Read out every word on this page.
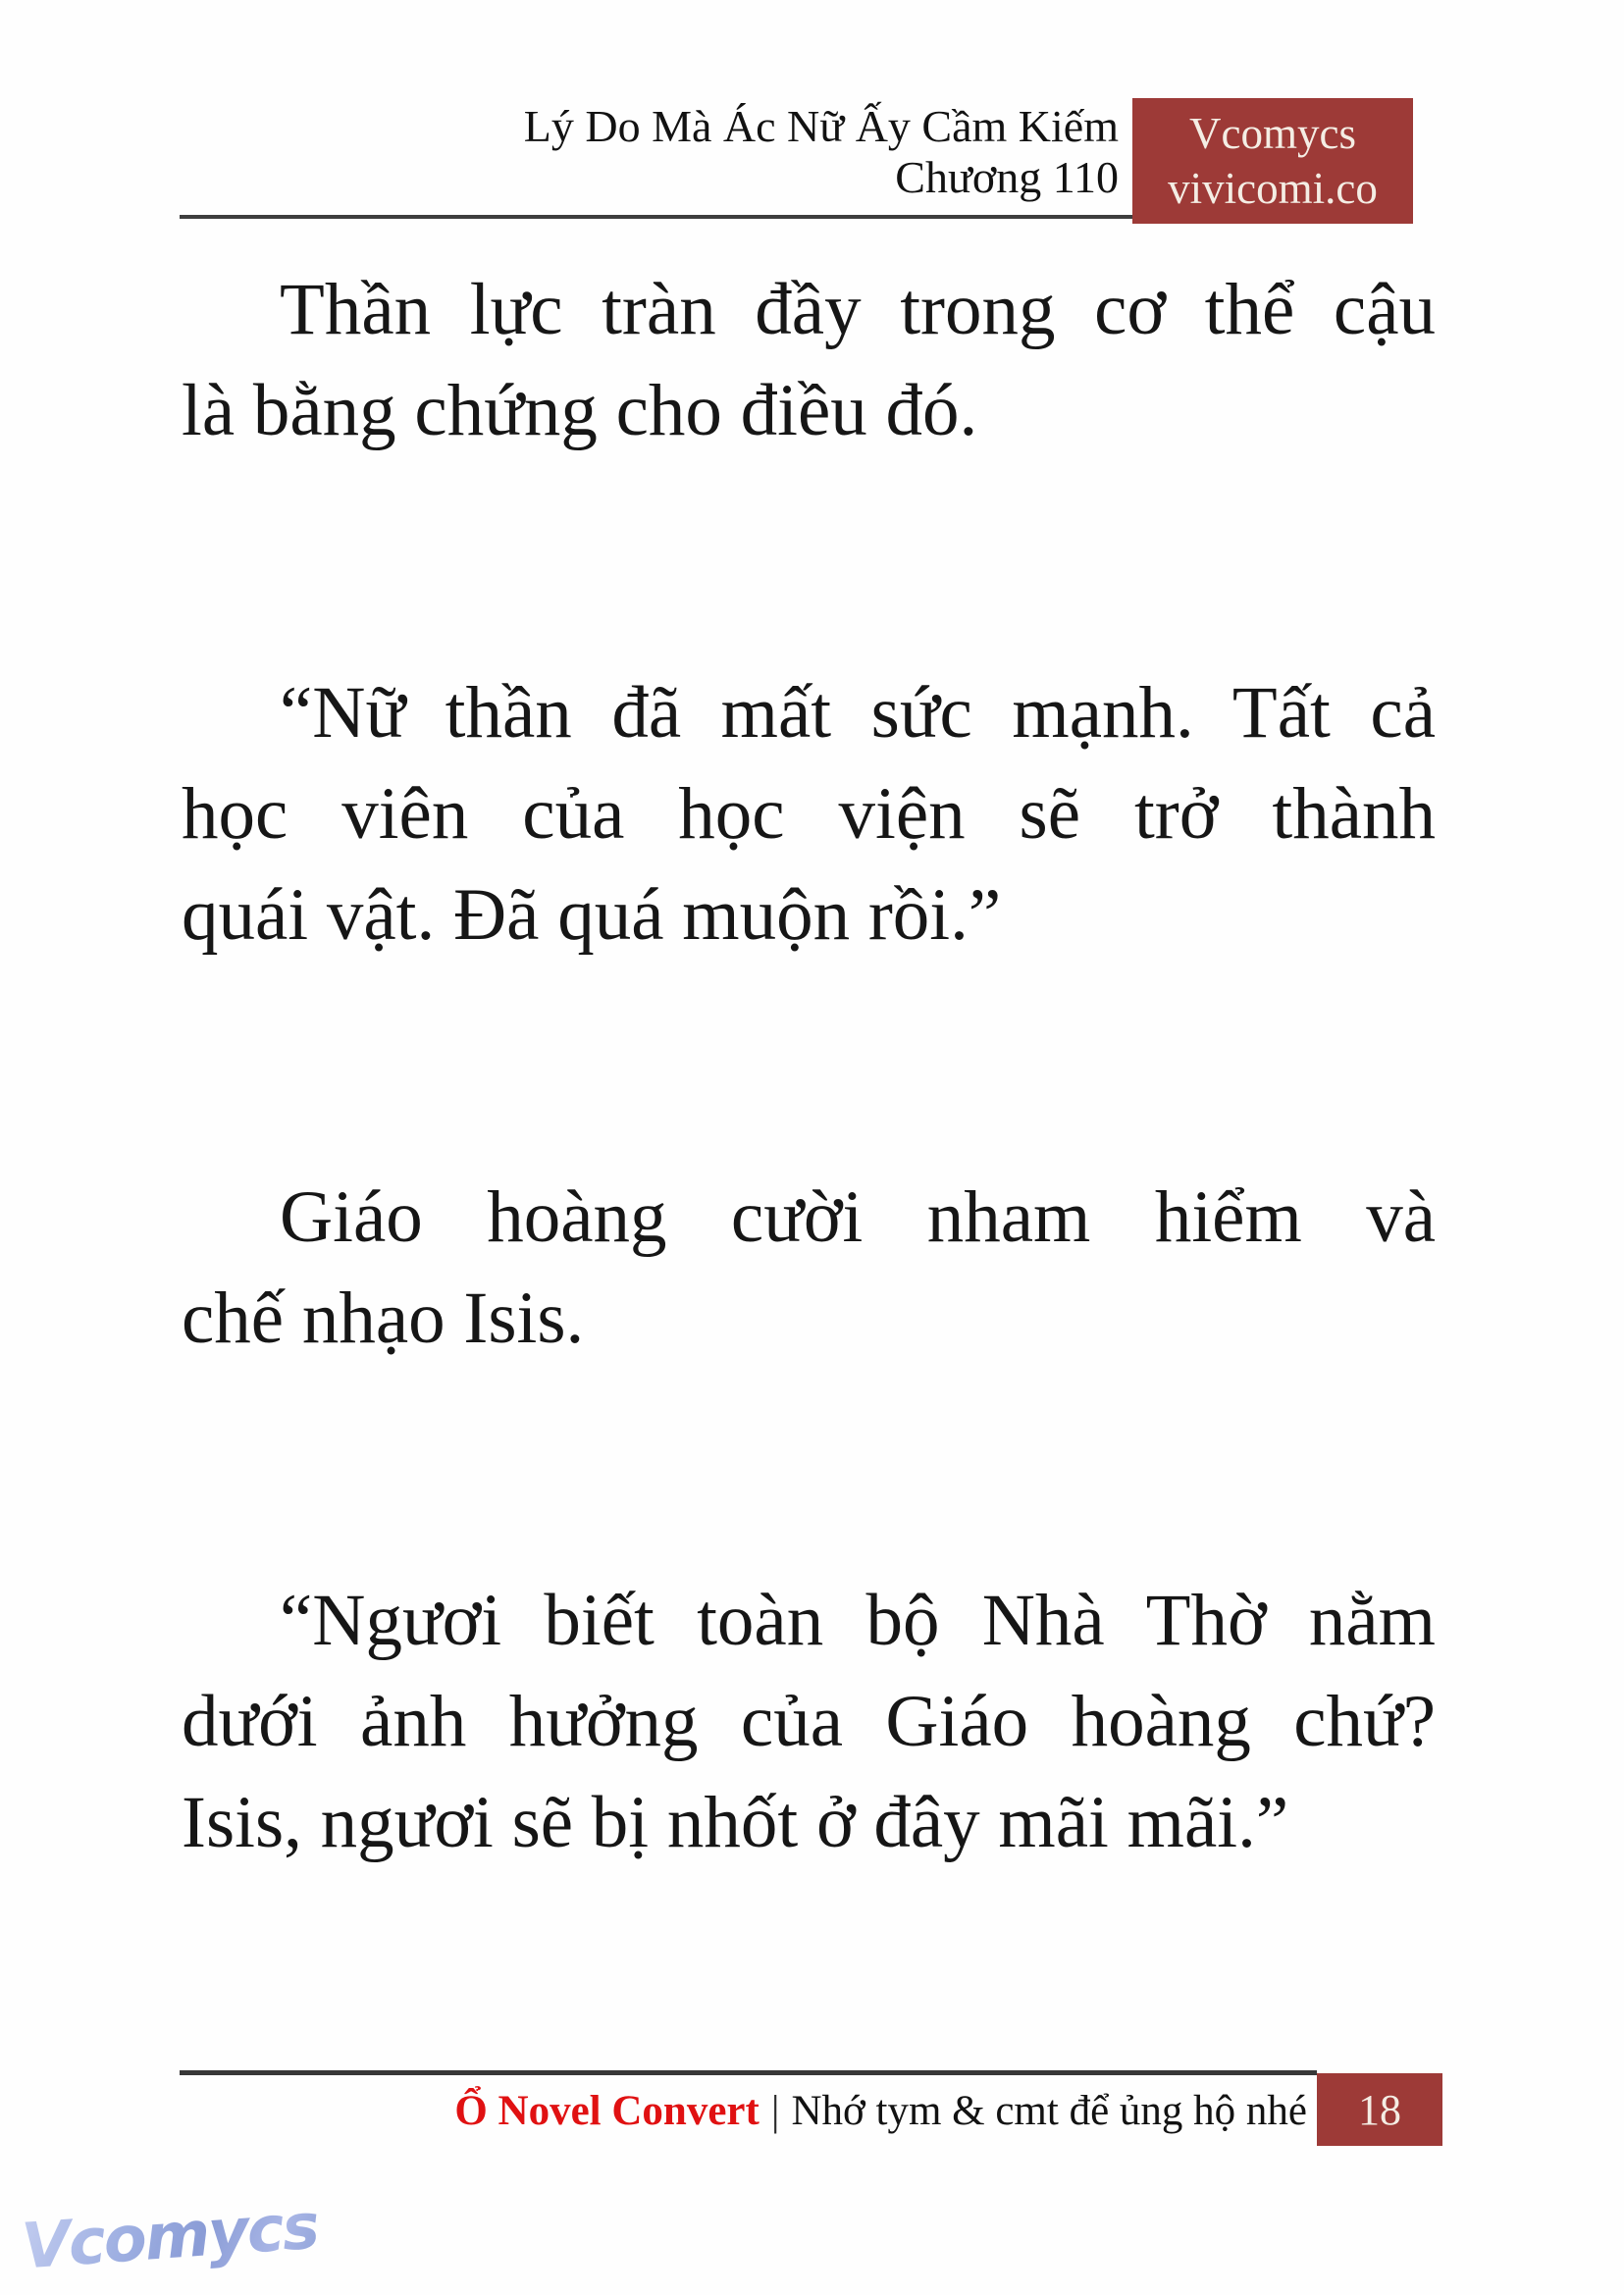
Lý Do Mà Ác Nữ Ấy Cầm Kiếm
Chương 110
Vcomycs
vivicomi.co
Thần lực tràn đầy trong cơ thể cậu
là bằng chứng cho điều đó.
“Nữ thần đã mất sức mạnh. Tất cả
học viên của học viện sẽ trở thành
quái vật. Đã quá muộn rồi.”
Giáo hoàng cười nham hiểm và
chế nhạo Isis.
“Ngươi biết toàn bộ Nhà Thờ nằm
dưới ảnh hưởng của Giáo hoàng chứ?
Isis, ngươi sẽ bị nhốt ở đây mãi mãi.”
Ổ Novel Convert | Nhớ tym & cmt để ủng hộ nhé 18
Vcomycs
